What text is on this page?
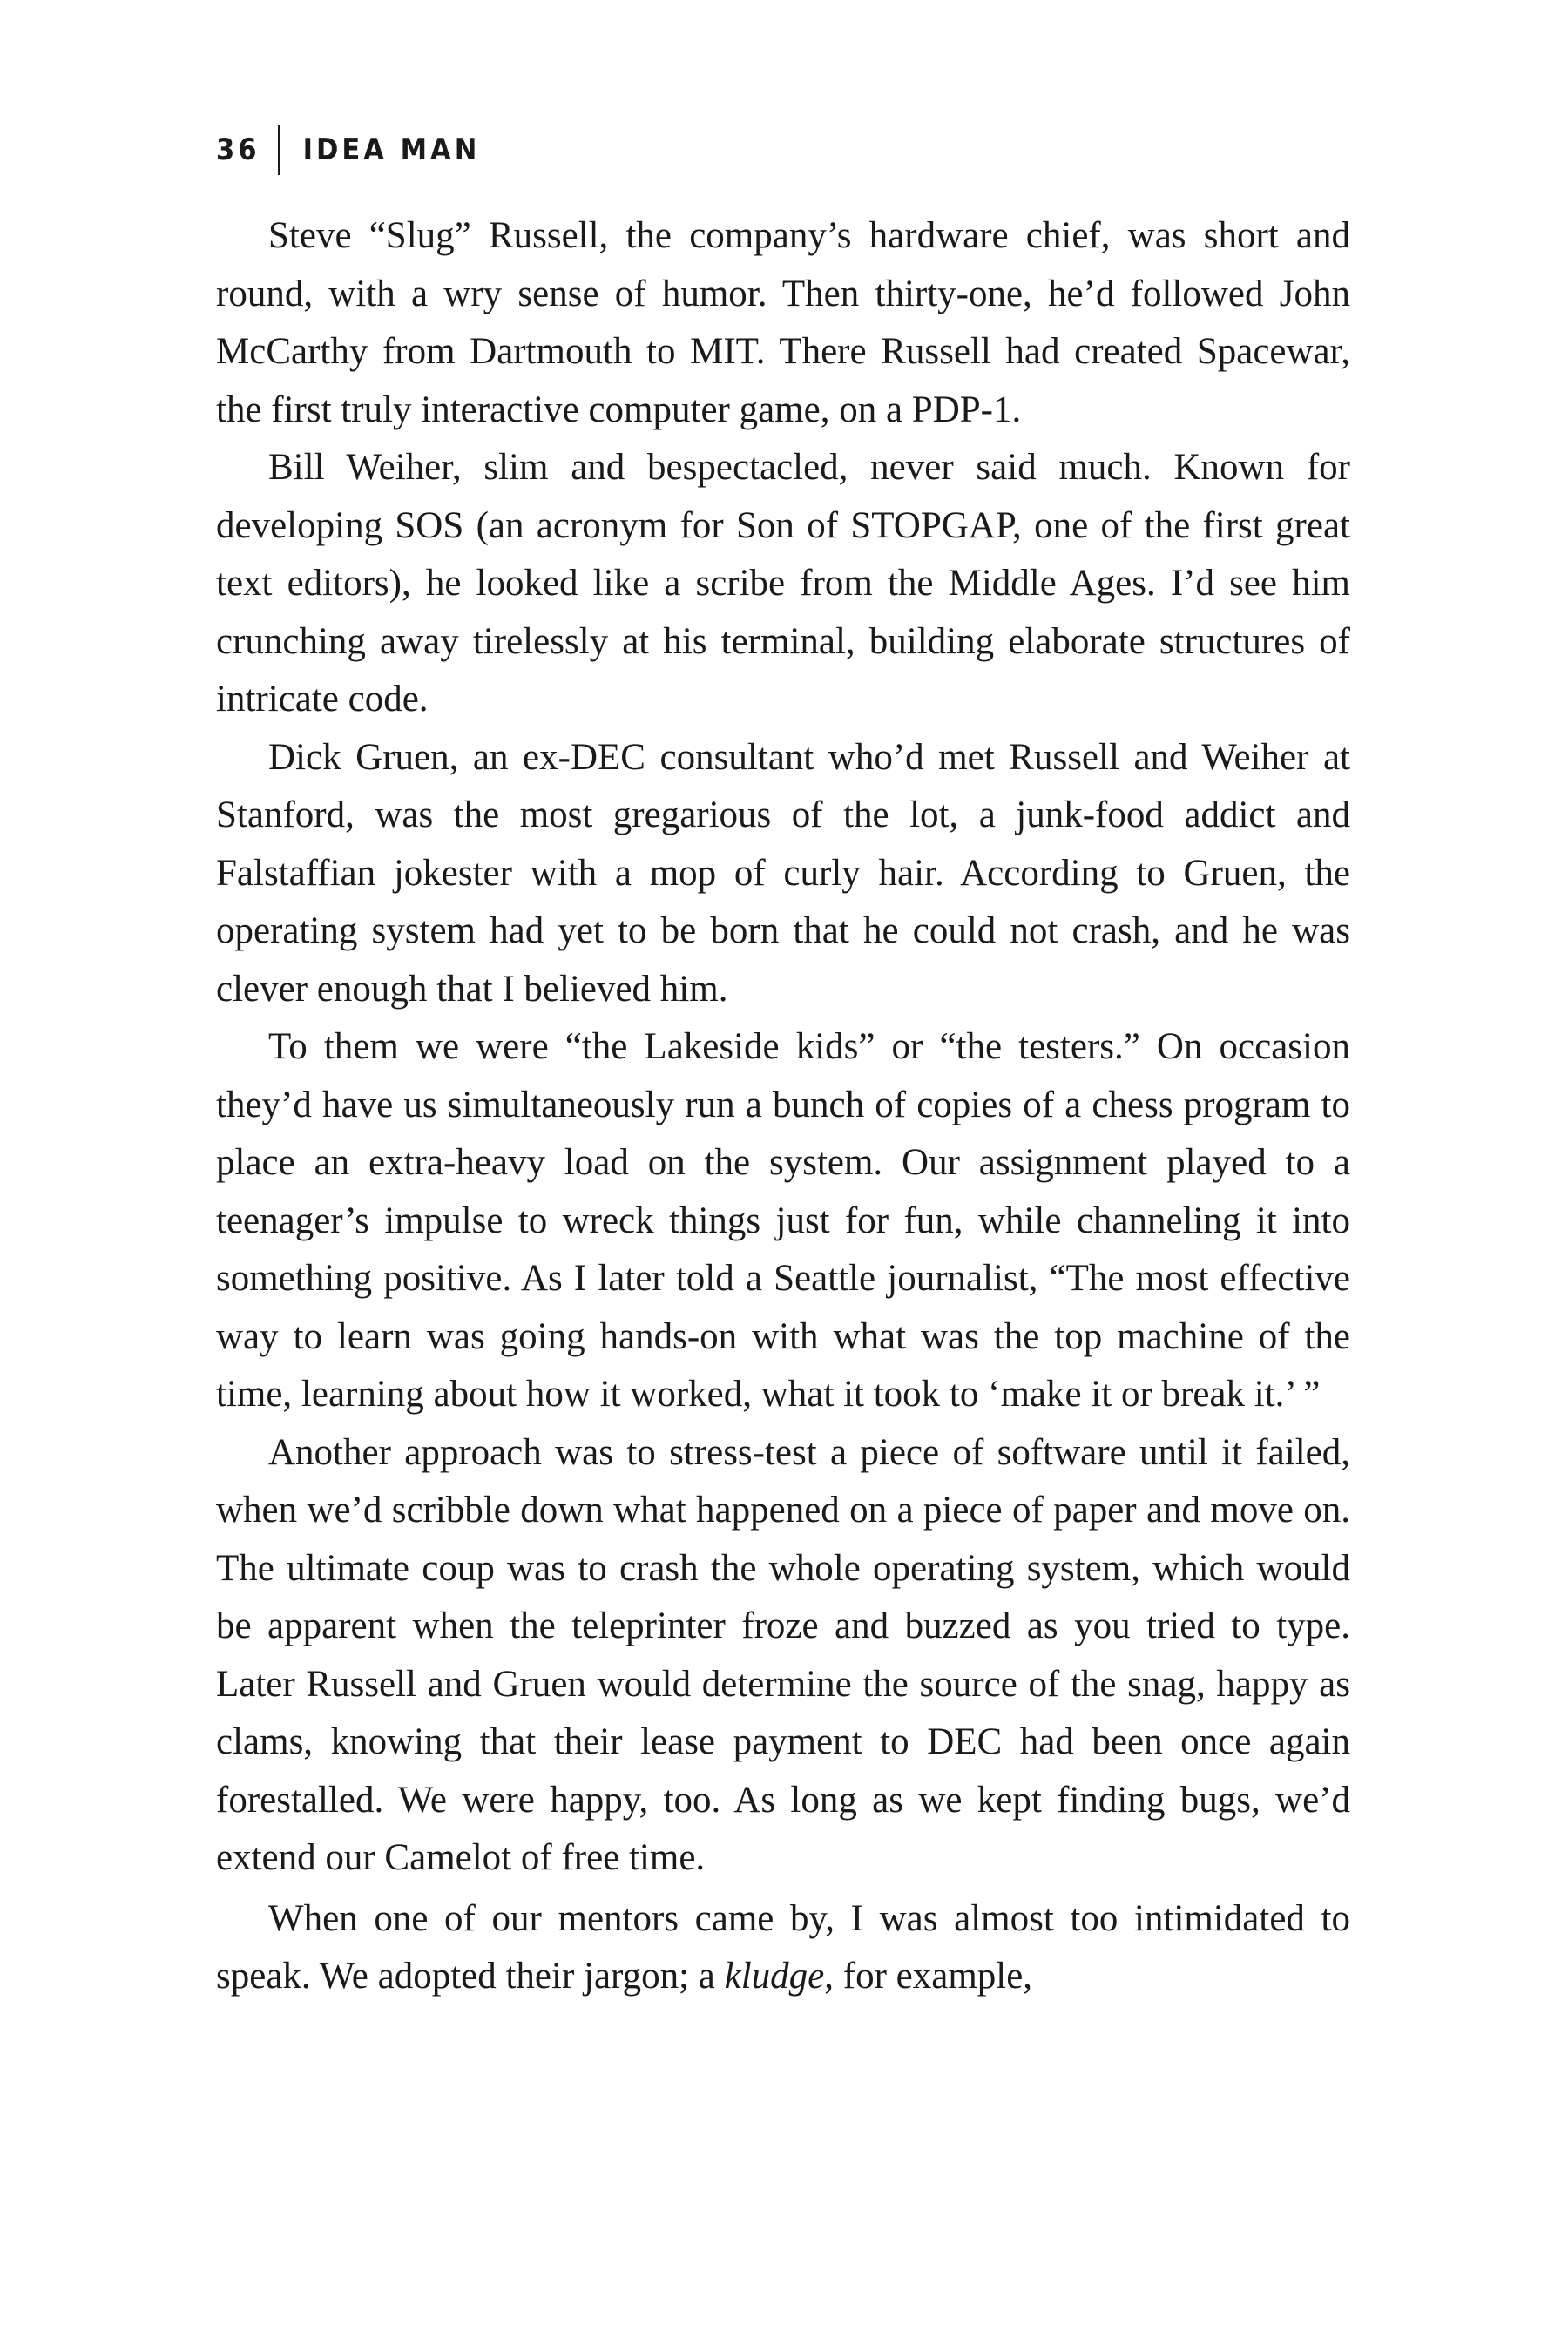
36 IDEA MAN

Steve “Slug” Russell, the company’s hardware chief, was short and round, with a wry sense of humor. Then thirty-one, he’d followed John McCarthy from Dartmouth to MIT. There Russell had created Spacewar, the first truly interactive computer game, on a PDP-1.

Bill Weiher, slim and bespectacled, never said much. Known for developing SOS (an acronym for Son of STOPGAP, one of the first great text editors), he looked like a scribe from the Middle Ages. I’d see him crunching away tirelessly at his terminal, building elaborate structures of intricate code.

Dick Gruen, an ex-DEC consultant who’d met Russell and Weiher at Stanford, was the most gregarious of the lot, a junk-food addict and Falstaffian jokester with a mop of curly hair. According to Gruen, the operating system had yet to be born that he could not crash, and he was clever enough that I believed him.

To them we were “the Lakeside kids” or “the testers.” On occasion they’d have us simultaneously run a bunch of copies of a chess program to place an extra-heavy load on the system. Our assignment played to a teenager’s impulse to wreck things just for fun, while channeling it into something positive. As I later told a Seattle journalist, “The most effective way to learn was going hands-on with what was the top machine of the time, learning about how it worked, what it took to ‘make it or break it.’ ”

Another approach was to stress-test a piece of software until it failed, when we’d scribble down what happened on a piece of paper and move on. The ultimate coup was to crash the whole operating system, which would be apparent when the teleprinter froze and buzzed as you tried to type. Later Russell and Gruen would determine the source of the snag, happy as clams, knowing that their lease payment to DEC had been once again forestalled. We were happy, too. As long as we kept finding bugs, we’d extend our Camelot of free time.

When one of our mentors came by, I was almost too intimidated to speak. We adopted their jargon; a kludge, for example,
